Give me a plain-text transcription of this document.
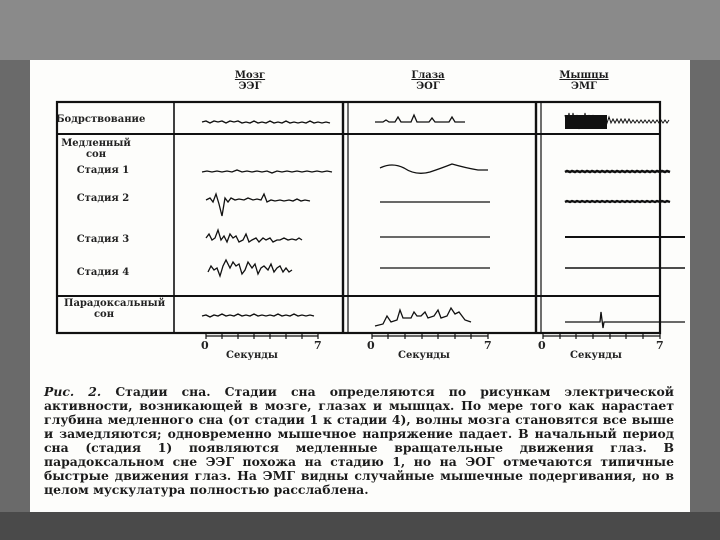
Мозг
ЭЭГ
Глаза
ЭОГ
Мышцы
ЭМГ
Бодрствование
Медленный сон
Стадия 1
Стадия 2
Стадия 3
Стадия 4
Парадоксальный сон
0	7
Секунды
0	7
Секунды
0	7
Секунды
Рис. 2. Стадии сна. Стадии сна определяются по рисункам электрической активности, возникающей в мозге, глазах и мышцах. По мере того как нарастает глубина медленного сна (от стадии 1 к стадии 4), волны мозга становятся все выше и замедляются; одновременно мышечное напряжение падает. В начальный период сна (стадия 1) появляются медленные вращательные движения глаз. В парадоксальном сне ЭЭГ похожа на стадию 1, но на ЭОГ отмечаются типичные быстрые движения глаз. На ЭМГ видны случайные мышечные подергивания, но в целом мускулатура полностью расслаблена.
